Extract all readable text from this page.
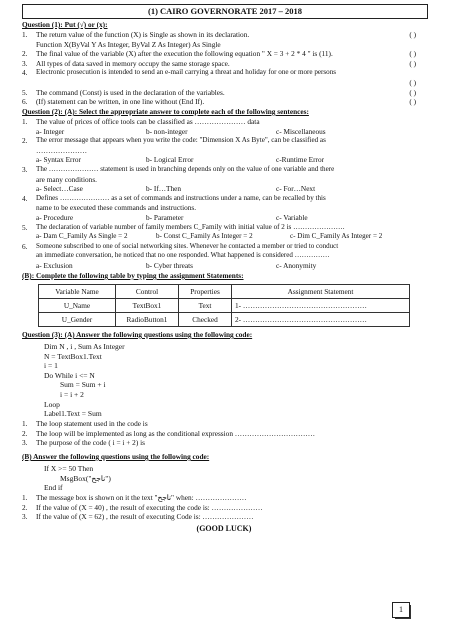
(1) CAIRO GOVERNORATE 2017 – 2018
Question (1): Put (√) or (x):
1. The return value of the function (X) is Single as shown in its declaration.	( )
Function X(ByVal Y As Integer, ByVal Z As Integer) As Single
2. The final value of the variable (X) after the execution the following equation " X = 3 + 2 * 4 " is (11).	( )
3. All types of data saved in memory occupy the same storage space.	( )
4. Electronic prosecution is intended to send an e-mail carrying a threat and holiday for one or more persons
( )
5. The command (Const) is used in the declaration of the variables.	( )
6. (If) statement can be written, in one line without (End If).	( )
Question (2): (A): Select the appropriate answer to complete each of the following sentences:
1. The value of prices of office tools can be classified as ………………… data
a- Integer	b- non-integer	c- Miscellaneous
2. The error message that appears when you write the code: "Dimension X As Byte", can be classified as
…………………
a- Syntax Error	b- Logical Error	c-Runtime Error
3. The ………………… statement is used in branching depends only on the value of one variable and there
are many conditions.
a- Select…Case	b- If…Then	c- For…Next
4. Defines ………………… as a set of commands and instructions under a name, can be recalled by this
name to be executed these commands and instructions.
a- Procedure	b- Parameter	c- Variable
5. The declaration of variable number of family members C_Family with initial value of 2 is ………………….
a- Dam C_Family As Single = 2	b- Const C_Family As Integer = 2	c- Dim C_Family As Integer = 2
6. Someone subscribed to one of social networking sites. Whenever he contacted a member or tried to conduct
an immediate conversation, he noticed that no one responded. What happened is considered ……………
a- Exclusion	b- Cyber threats	c- Anonymity
(B): Complete the following table by typing the assignment Statements:
Variable Name	Control	Properties	Assignment Statement
U_Name	TextBox1	Text	1- ……………………………………………
U_Gender	RadioButton1	Checked	2- ……………………………………………
Question (3): (A) Answer the following questions using the following code:
Dim N , i , Sum As Integer
N = TextBox1.Text
i = 1
Do While i <= N
Sum = Sum + i
i = i + 2
Loop
Label1.Text = Sum
1. The loop statement used in the code is
2. The loop will be implemented as long as the conditional expression ……………………………
3. The purpose of the code ( i = i + 2) is
(B) Answer the following questions using the following code:
If X >= 50 Then
MsgBox("ناجح")
End if
1. The message box is shown on it the text "ناجح" when: …………………
2. If the value of (X = 40) , the result of executing the code is: …………………
3. If the value of (X = 62) , the result of executing Code is: …………………
(GOOD LUCK)
1
